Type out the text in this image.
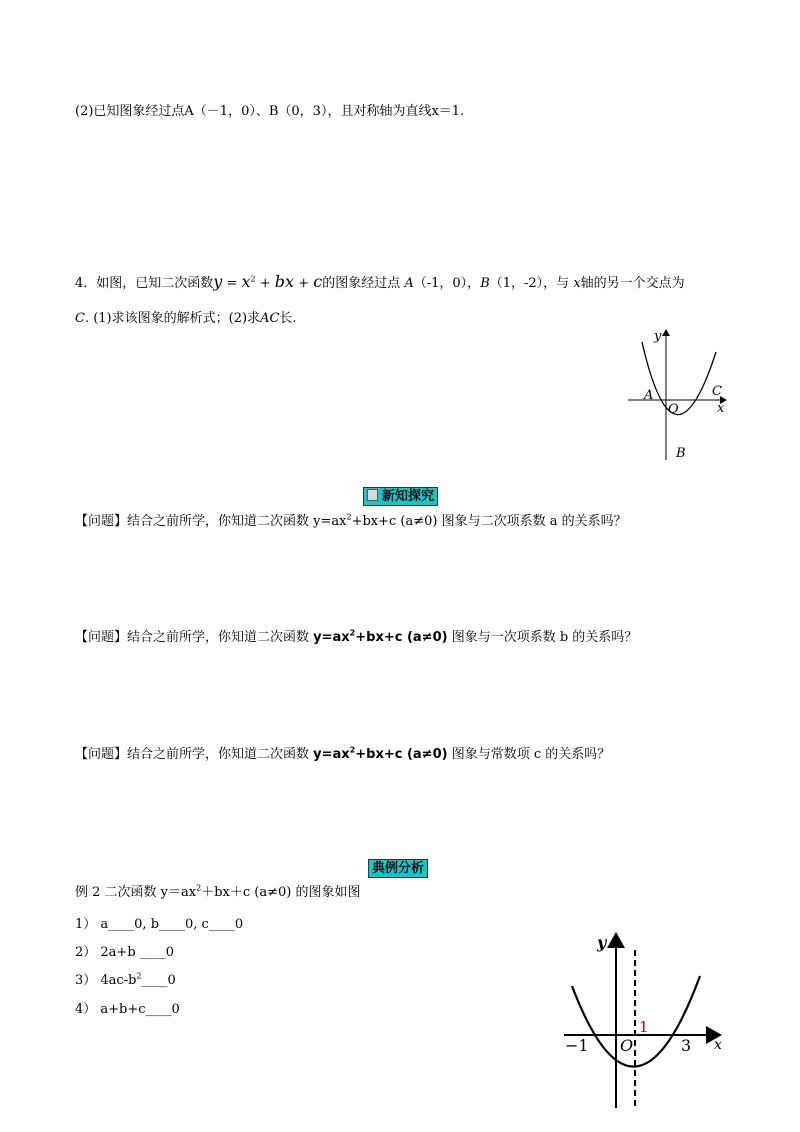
(2)已知图象经过点A（－1，0）、B（0，3），且对称轴为直线x＝1.
4．如图，已知二次函数$y = x^2$ + bx + c的图象经过点 A（-1，0），B（1，-2），与 x轴的另一个交点为
C. (1)求该图象的解析式；(2)求AC长.
y
x
A
O
C
B
新知探究
【问题】结合之前所学，你知道二次函数 $y=ax^2+bx+c$ (a≠0) 图象与二次项系数 a 的关系吗？
【问题】结合之前所学，你知道二次函数 $y=ax^2+bx+c$ (a≠0) 图象与一次项系数 b 的关系吗？
【问题】结合之前所学，你知道二次函数 $y=ax^2+bx+c$ (a≠0) 图象与常数项 c 的关系吗？
典例分析
例 2 二次函数 $y=ax^2+bx+c$ (a≠0) 的图象如图
1） a____0, b____0, c____0
2） 2a+b ____0
3） $4ac-b^2\_\_\_\_0$
4） a+b+c____0
y
x
−1 O	3
1
